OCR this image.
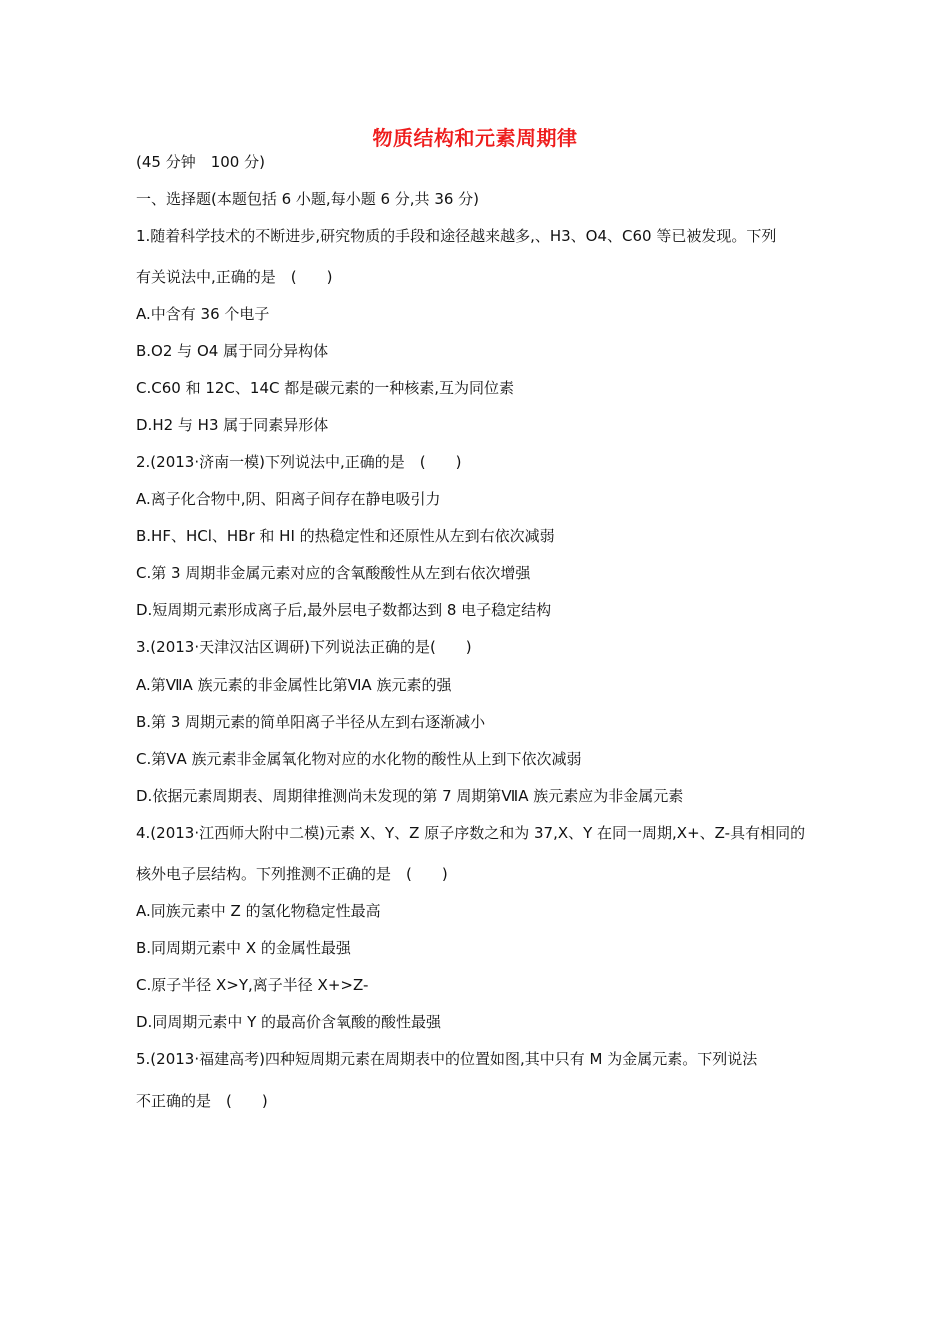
物质结构和元素周期律
(45 分钟　100 分)
一、选择题(本题包括 6 小题,每小题 6 分,共 36 分)
1.随着科学技术的不断进步,研究物质的手段和途径越来越多,、H3、O4、C60 等已被发现。下列
有关说法中,正确的是　(　　)
A.中含有 36 个电子
B.O2 与 O4 属于同分异构体
C.C60 和 12C、14C 都是碳元素的一种核素,互为同位素
D.H2 与 H3 属于同素异形体
2.(2013·济南一模)下列说法中,正确的是　(　　)
A.离子化合物中,阴、阳离子间存在静电吸引力
B.HF、HCl、HBr 和 HI 的热稳定性和还原性从左到右依次减弱
C.第 3 周期非金属元素对应的含氧酸酸性从左到右依次增强
D.短周期元素形成离子后,最外层电子数都达到 8 电子稳定结构
3.(2013·天津汉沽区调研)下列说法正确的是(　　)
A.第ⅦA 族元素的非金属性比第ⅥA 族元素的强
B.第 3 周期元素的简单阳离子半径从左到右逐渐减小
C.第ⅤA 族元素非金属氧化物对应的水化物的酸性从上到下依次减弱
D.依据元素周期表、周期律推测尚未发现的第 7 周期第ⅦA 族元素应为非金属元素
4.(2013·江西师大附中二模)元素 X、Y、Z 原子序数之和为 37,X、Y 在同一周期,X+、Z-具有相同的
核外电子层结构。下列推测不正确的是　(　　)
A.同族元素中 Z 的氢化物稳定性最高
B.同周期元素中 X 的金属性最强
C.原子半径 X>Y,离子半径 X+>Z-
D.同周期元素中 Y 的最高价含氧酸的酸性最强
5.(2013·福建高考)四种短周期元素在周期表中的位置如图,其中只有 M 为金属元素。下列说法
不正确的是　(　　)
